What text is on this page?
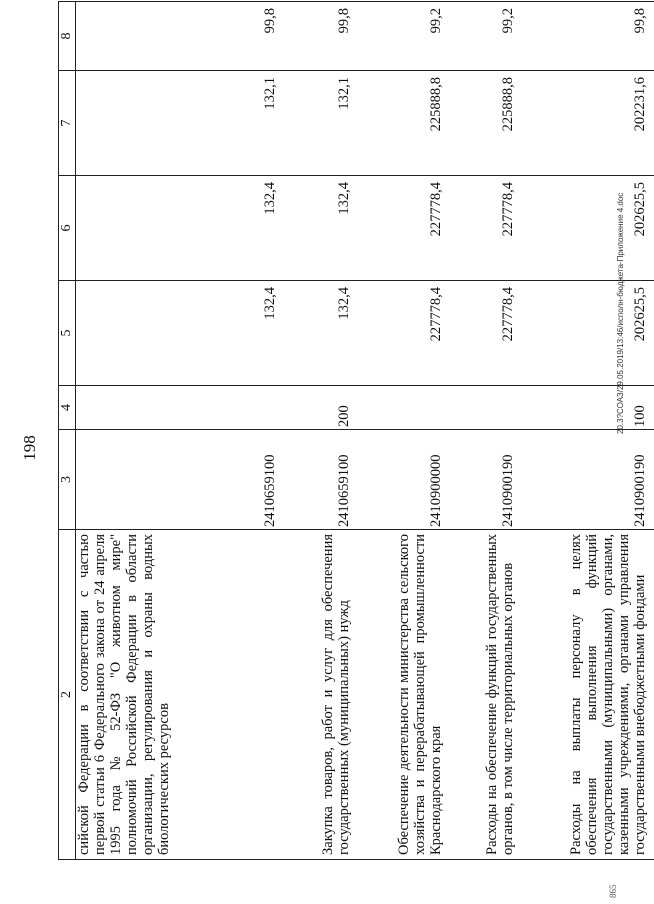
198
2	3	4	5	6	7	8
сийской Федерации в соответствии с частью первой статьи 6 Федерального закона от 24 апреля 1995 года № 52-ФЗ "О животном мире" полномочий Российской Федерации в области организации, регулирования и охраны водных биологических ресурсов	2410659100		132,4	132,4	132,1	99,8
Закупка товаров, работ и услуг для обеспечения государственных (муниципальных) нужд	2410659100	200	132,4	132,4	132,1	99,8
Обеспечение деятельности министерства сельского хозяйства и перерабатывающей промышленности Краснодарского края	2410900000		227778,4	227778,4	225888,8	99,2
Расходы на обеспечение функций государственных органов, в том числе территориальных органов	2410900190		227778,4	227778,4	225888,8	99,2
Расходы на выплаты персоналу в целях обеспечения выполнения функций государственными (муниципальными) органами, казенными учреждениями, органами управления государственными внебюджетными фондами	2410900190	100	202625,5	202625,5	202231,6	99,8
20.3?СОАЗ/29.05.2019/13:46/исполн-бюджета-Приложение 4.doc
865
